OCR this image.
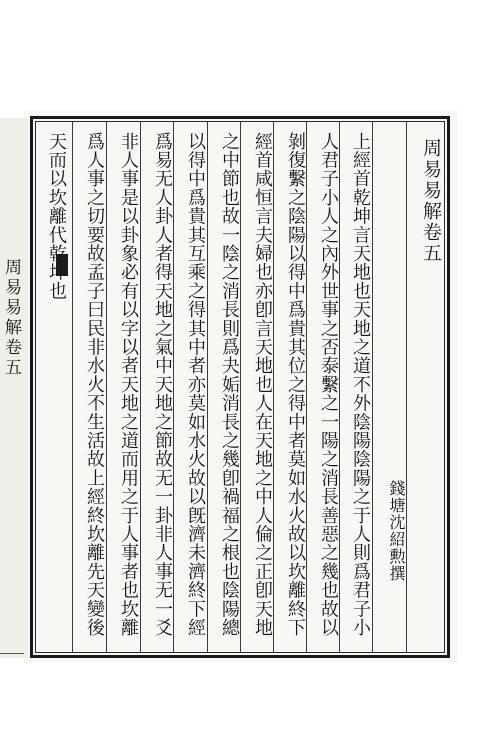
周易易解卷五
周易易解卷五
錢塘沈紹勲撰
上經首乾坤言天地也天地之道不外陰陽陰陽之于人則爲君子小
人君子小人之內外世事之否泰繫之一陽之消長善惡之幾也故以
剝復繫之陰陽以得中爲貴其位之得中者莫如水火故以坎離終下
經首咸恒言夫婦也亦卽言天地也人在天地之中人倫之正卽天地
之中節也故一陰之消長則爲夬姤消長之幾卽禍福之根也陰陽總
以得中爲貴其互乘之得其中者亦莫如水火故以旣濟未濟終下經
爲易无人卦人者得天地之氣中天地之節故无一卦非人事无一爻
非人事是以卦象必有以字以者天地之道而用之于人事者也坎離
爲人事之切要故孟子曰民非水火不生活故上經終坎離先天變後
天而以坎離代乾坤也
